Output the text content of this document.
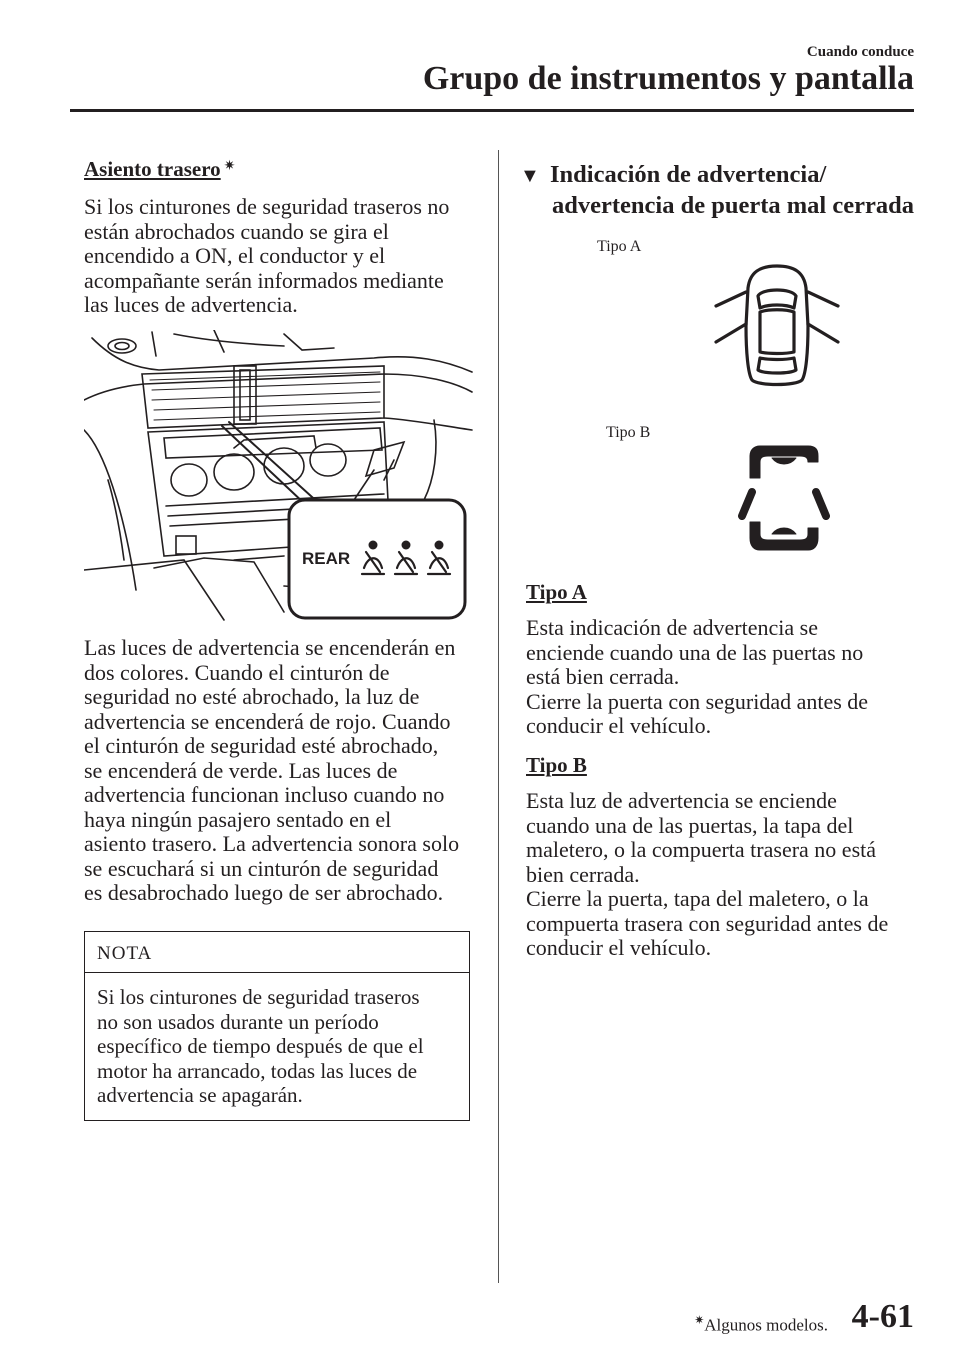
Cuando conduce
Grupo de instrumentos y pantalla
Asiento trasero ✷
Si los cinturones de seguridad traseros no
están abrochados cuando se gira el
encendido a ON, el conductor y el
acompañante serán informados mediante
las luces de advertencia.
REAR
Las luces de advertencia se encenderán en
dos colores. Cuando el cinturón de
seguridad no esté abrochado, la luz de
advertencia se encenderá de rojo. Cuando
el cinturón de seguridad esté abrochado,
se encenderá de verde. Las luces de
advertencia funcionan incluso cuando no
haya ningún pasajero sentado en el
asiento trasero. La advertencia sonora solo
se escuchará si un cinturón de seguridad
es desabrochado luego de ser abrochado.
NOTA
Si los cinturones de seguridad traseros
no son usados durante un período
específico de tiempo después de que el
motor ha arrancado, todas las luces de
advertencia se apagarán.
▼ Indicación de advertencia/
advertencia de puerta mal cerrada
Tipo A
Tipo B
Tipo A
Esta indicación de advertencia se
enciende cuando una de las puertas no
está bien cerrada.
Cierre la puerta con seguridad antes de
conducir el vehículo.
Tipo B
Esta luz de advertencia se enciende
cuando una de las puertas, la tapa del
maletero, o la compuerta trasera no está
bien cerrada.
Cierre la puerta, tapa del maletero, o la
compuerta trasera con seguridad antes de
conducir el vehículo.
✷Algunos modelos. 4-61
